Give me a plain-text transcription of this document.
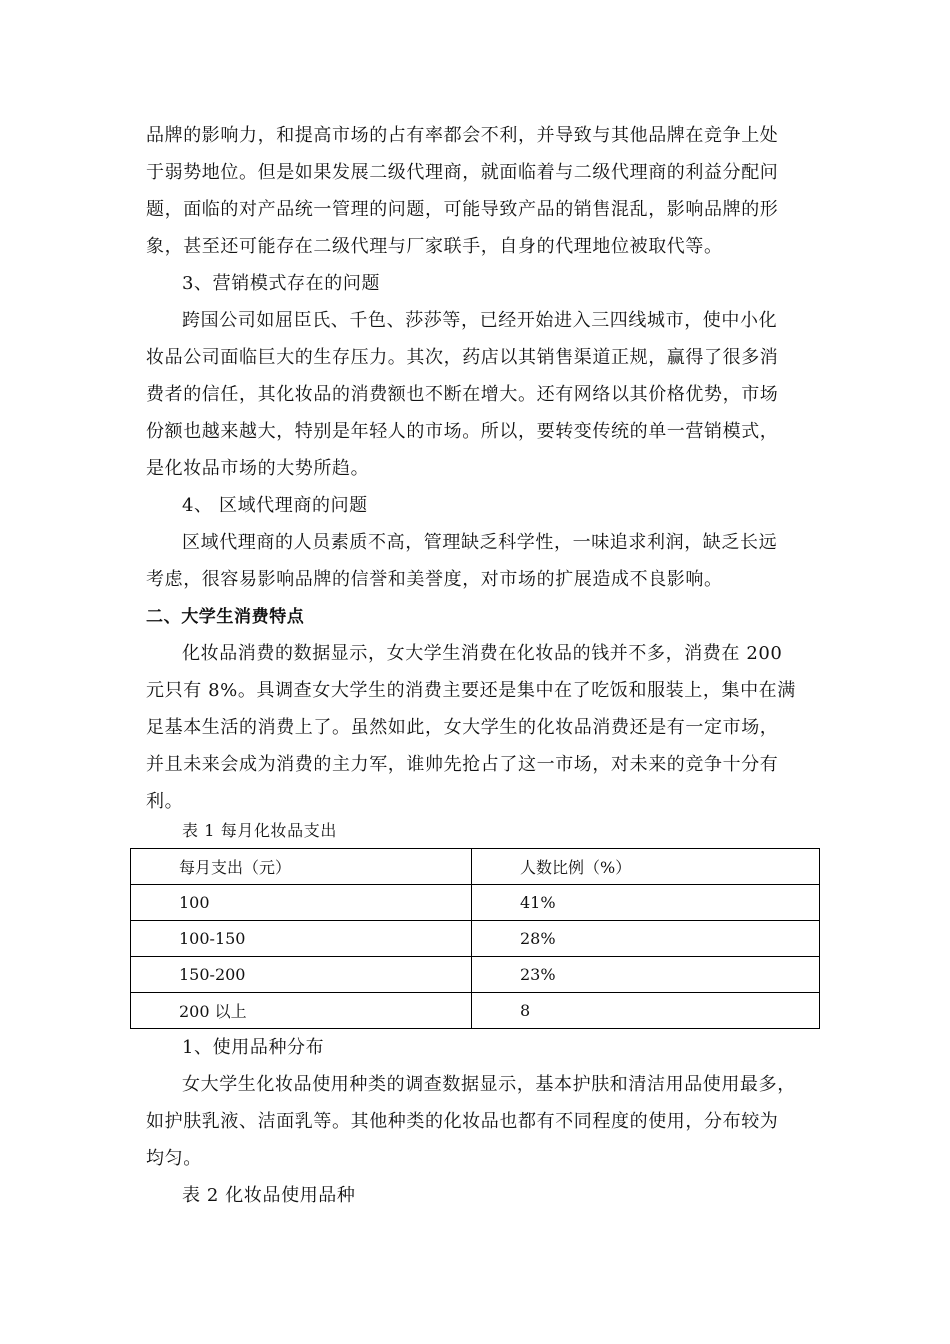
品牌的影响力，和提高市场的占有率都会不利，并导致与其他品牌在竞争上处
于弱势地位。但是如果发展二级代理商，就面临着与二级代理商的利益分配问
题，面临的对产品统一管理的问题，可能导致产品的销售混乱，影响品牌的形
象，甚至还可能存在二级代理与厂家联手，自身的代理地位被取代等。
3、营销模式存在的问题
跨国公司如屈臣氏、千色、莎莎等，已经开始进入三四线城市，使中小化
妆品公司面临巨大的生存压力。其次，药店以其销售渠道正规，赢得了很多消
费者的信任，其化妆品的消费额也不断在增大。还有网络以其价格优势，市场
份额也越来越大，特别是年轻人的市场。所以，要转变传统的单一营销模式，
是化妆品市场的大势所趋。
4、 区域代理商的问题
区域代理商的人员素质不高，管理缺乏科学性，一味追求利润，缺乏长远
考虑，很容易影响品牌的信誉和美誉度，对市场的扩展造成不良影响。
二、大学生消费特点
化妆品消费的数据显示，女大学生消费在化妆品的钱并不多，消费在 200
元只有 8%。具调查女大学生的消费主要还是集中在了吃饭和服装上，集中在满
足基本生活的消费上了。虽然如此，女大学生的化妆品消费还是有一定市场，
并且未来会成为消费的主力军，谁帅先抢占了这一市场，对未来的竞争十分有
利。
表 1 每月化妆品支出
每月支出（元）	人数比例（%）
100	41%
100-150	28%
150-200	23%
200 以上	8
1、使用品种分布
女大学生化妆品使用种类的调查数据显示，基本护肤和清洁用品使用最多，
如护肤乳液、洁面乳等。其他种类的化妆品也都有不同程度的使用，分布较为
均匀。
表 2 化妆品使用品种
